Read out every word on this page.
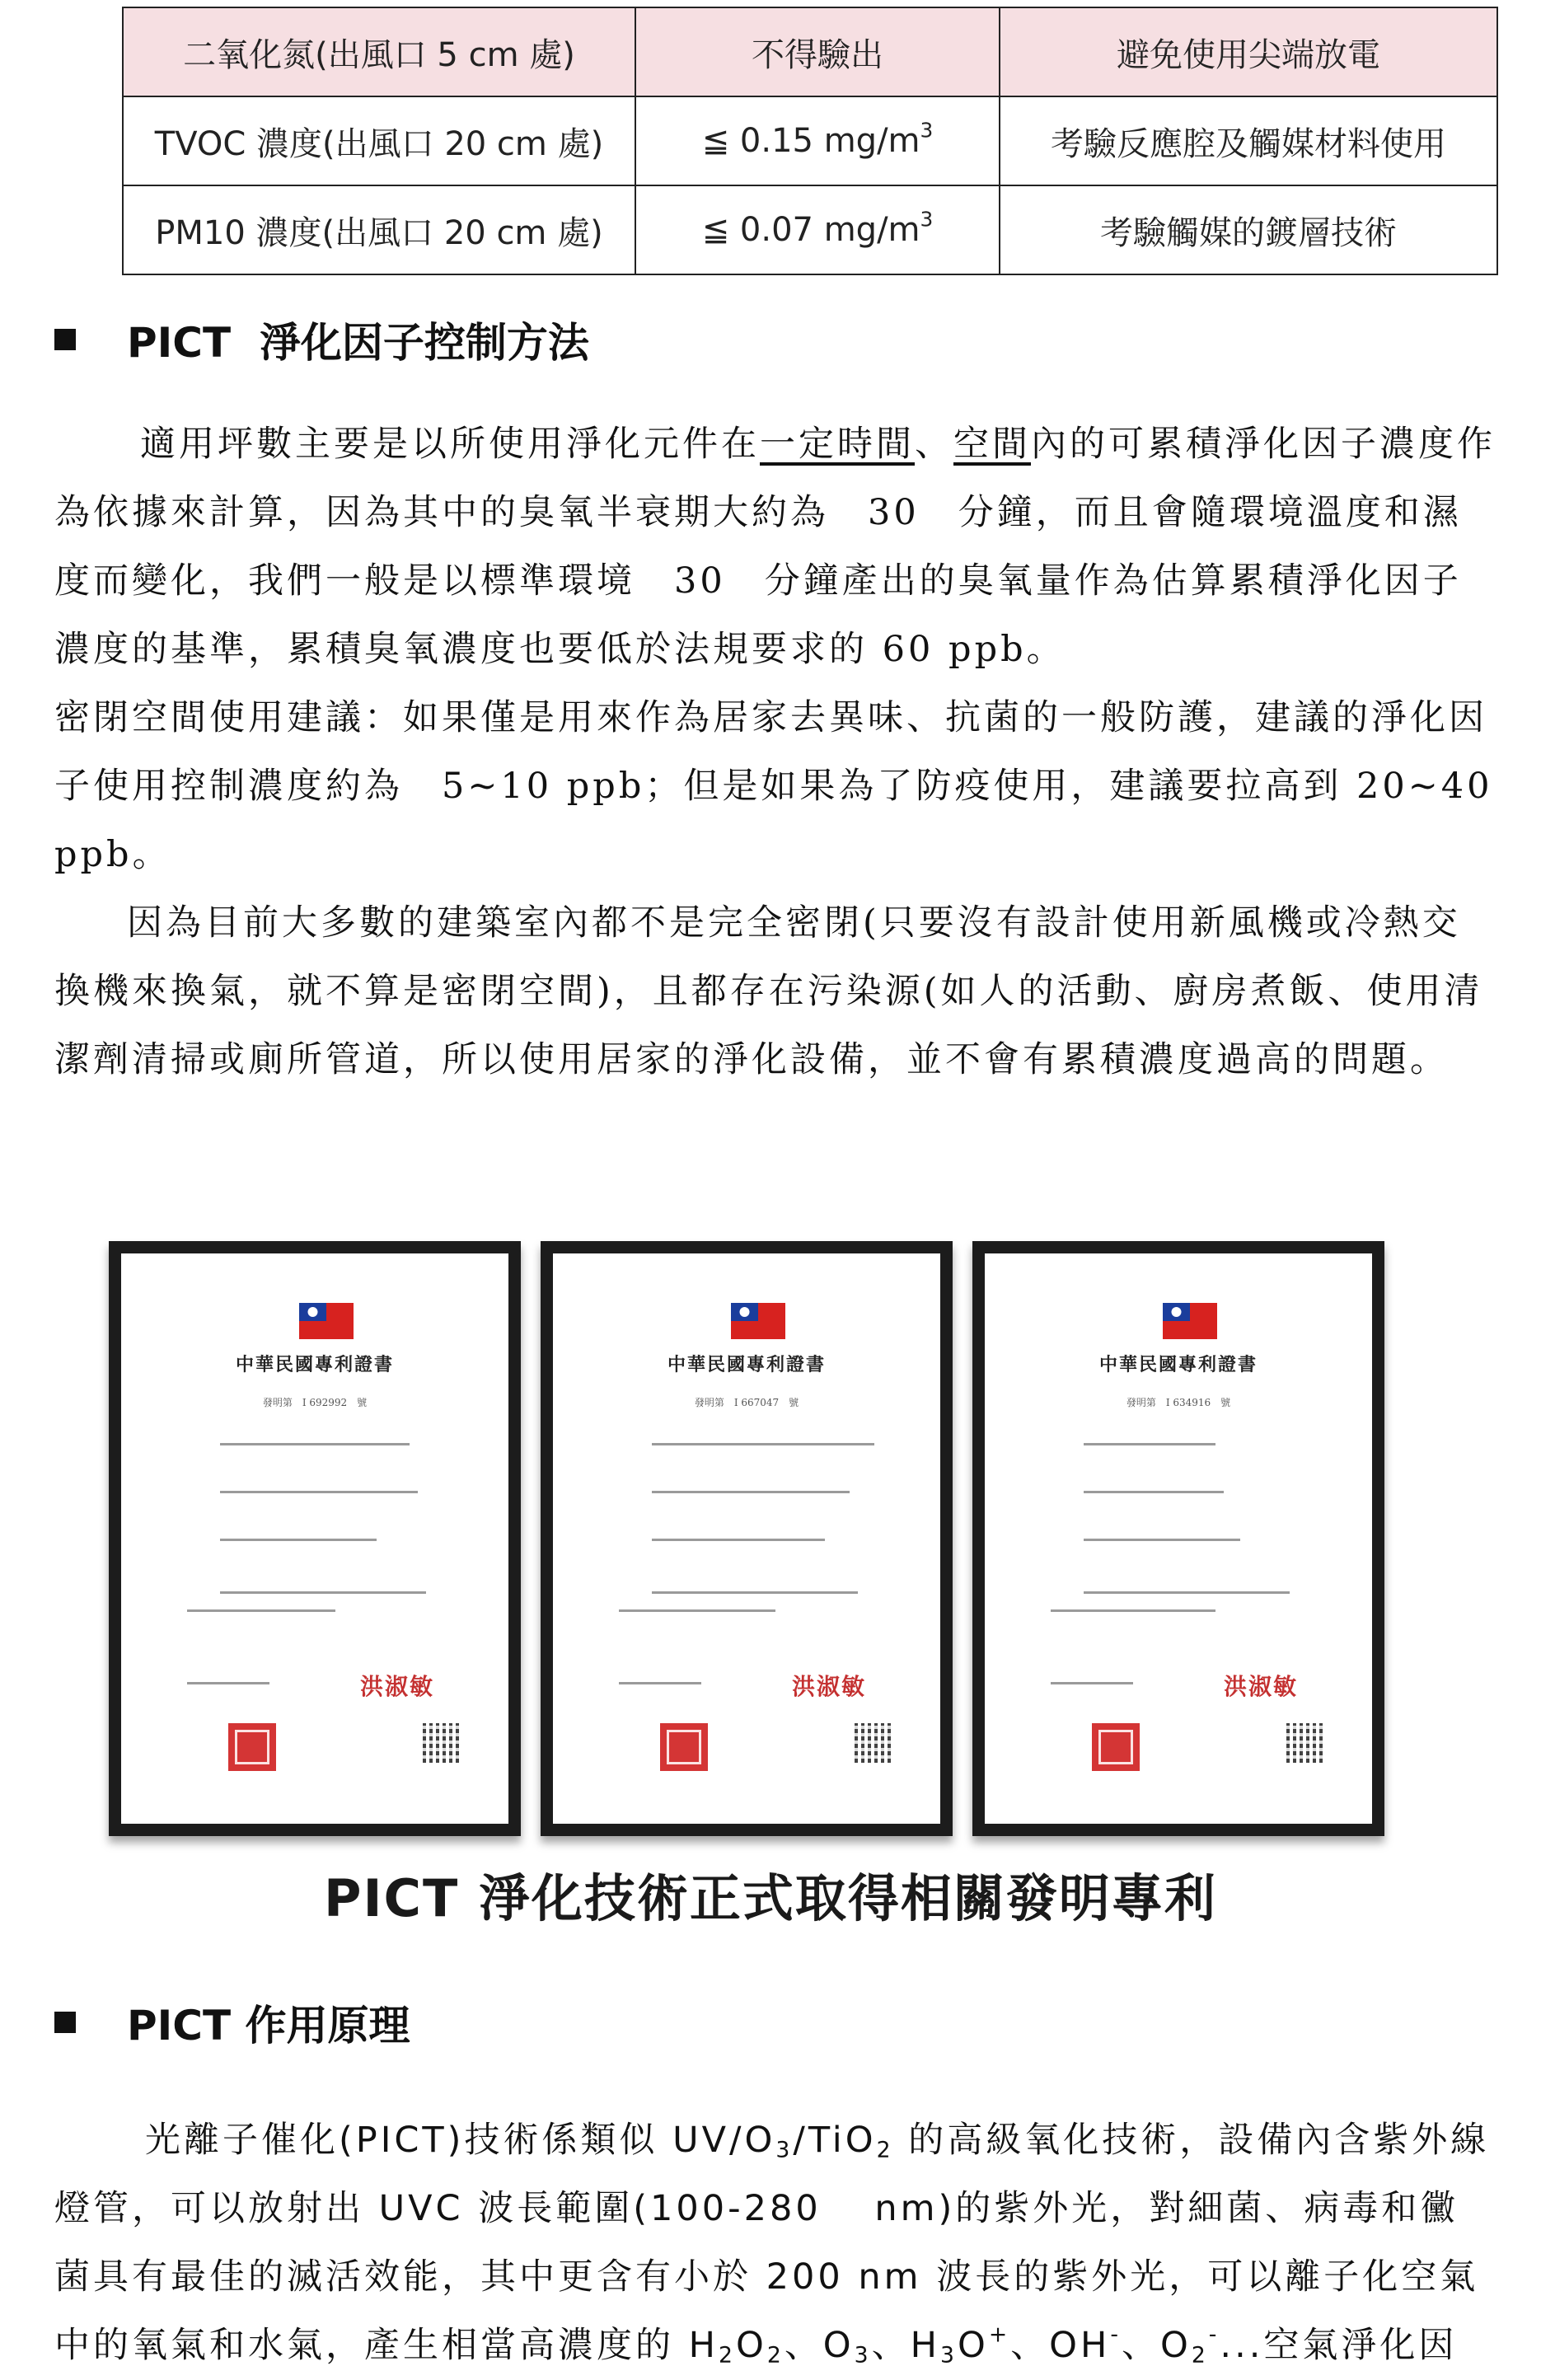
二氧化氮(出風口 5 cm 處)	不得驗出	避免使用尖端放電
TVOC 濃度(出風口 20 cm 處)	≦ 0.15 $mg/m^3$	考驗反應腔及觸媒材料使用
PM10 濃度(出風口 20 cm 處)	≦ 0.07 $mg/m^3$	考驗觸媒的鍍層技術
PICT  淨化因子控制方法

適用坪數主要是以所使用淨化元件在一定時間、空間內的可累積淨化因子濃度作為依據來計算，因為其中的臭氧半衰期大約為　30　分鐘，而且會隨環境溫度和濕度而變化，我們一般是以標準環境　30　分鐘產出的臭氧量作為估算累積淨化因子濃度的基準，累積臭氧濃度也要低於法規要求的 60 ppb。

密閉空間使用建議：如果僅是用來作為居家去異味、抗菌的一般防護，建議的淨化因子使用控制濃度約為　5~10 ppb；但是如果為了防疫使用，建議要拉高到 20~40 ppb。

因為目前大多數的建築室內都不是完全密閉(只要沒有設計使用新風機或冷熱交換機來換氣，就不算是密閉空間)，且都存在污染源(如人的活動、廚房煮飯、使用清潔劑清掃或廁所管道，所以使用居家的淨化設備，並不會有累積濃度過高的問題。

中華民國專利證書
發明第　I 692992　號
洪淑敏
中華民國專利證書
發明第　I 667047　號
洪淑敏
中華民國專利證書
發明第　I 634916　號
洪淑敏
PICT 淨化技術正式取得相關發明專利
PICT 作用原理

光離子催化(PICT)技術係類似 $UV/O_3/TiO_2$ 的高級氧化技術，設備內含紫外線燈管，可以放射出 UVC 波長範圍(100-280　 nm)的紫外光，對細菌、病毒和黴菌具有最佳的滅活效能，其中更含有小於 200 nm 波長的紫外光，可以離子化空氣中的氧氣和水氣，產生相當高濃度的 $H_2O_2$、$O_3$、$H_3O^+$、OH-、$O_2^-$...空氣淨化因
